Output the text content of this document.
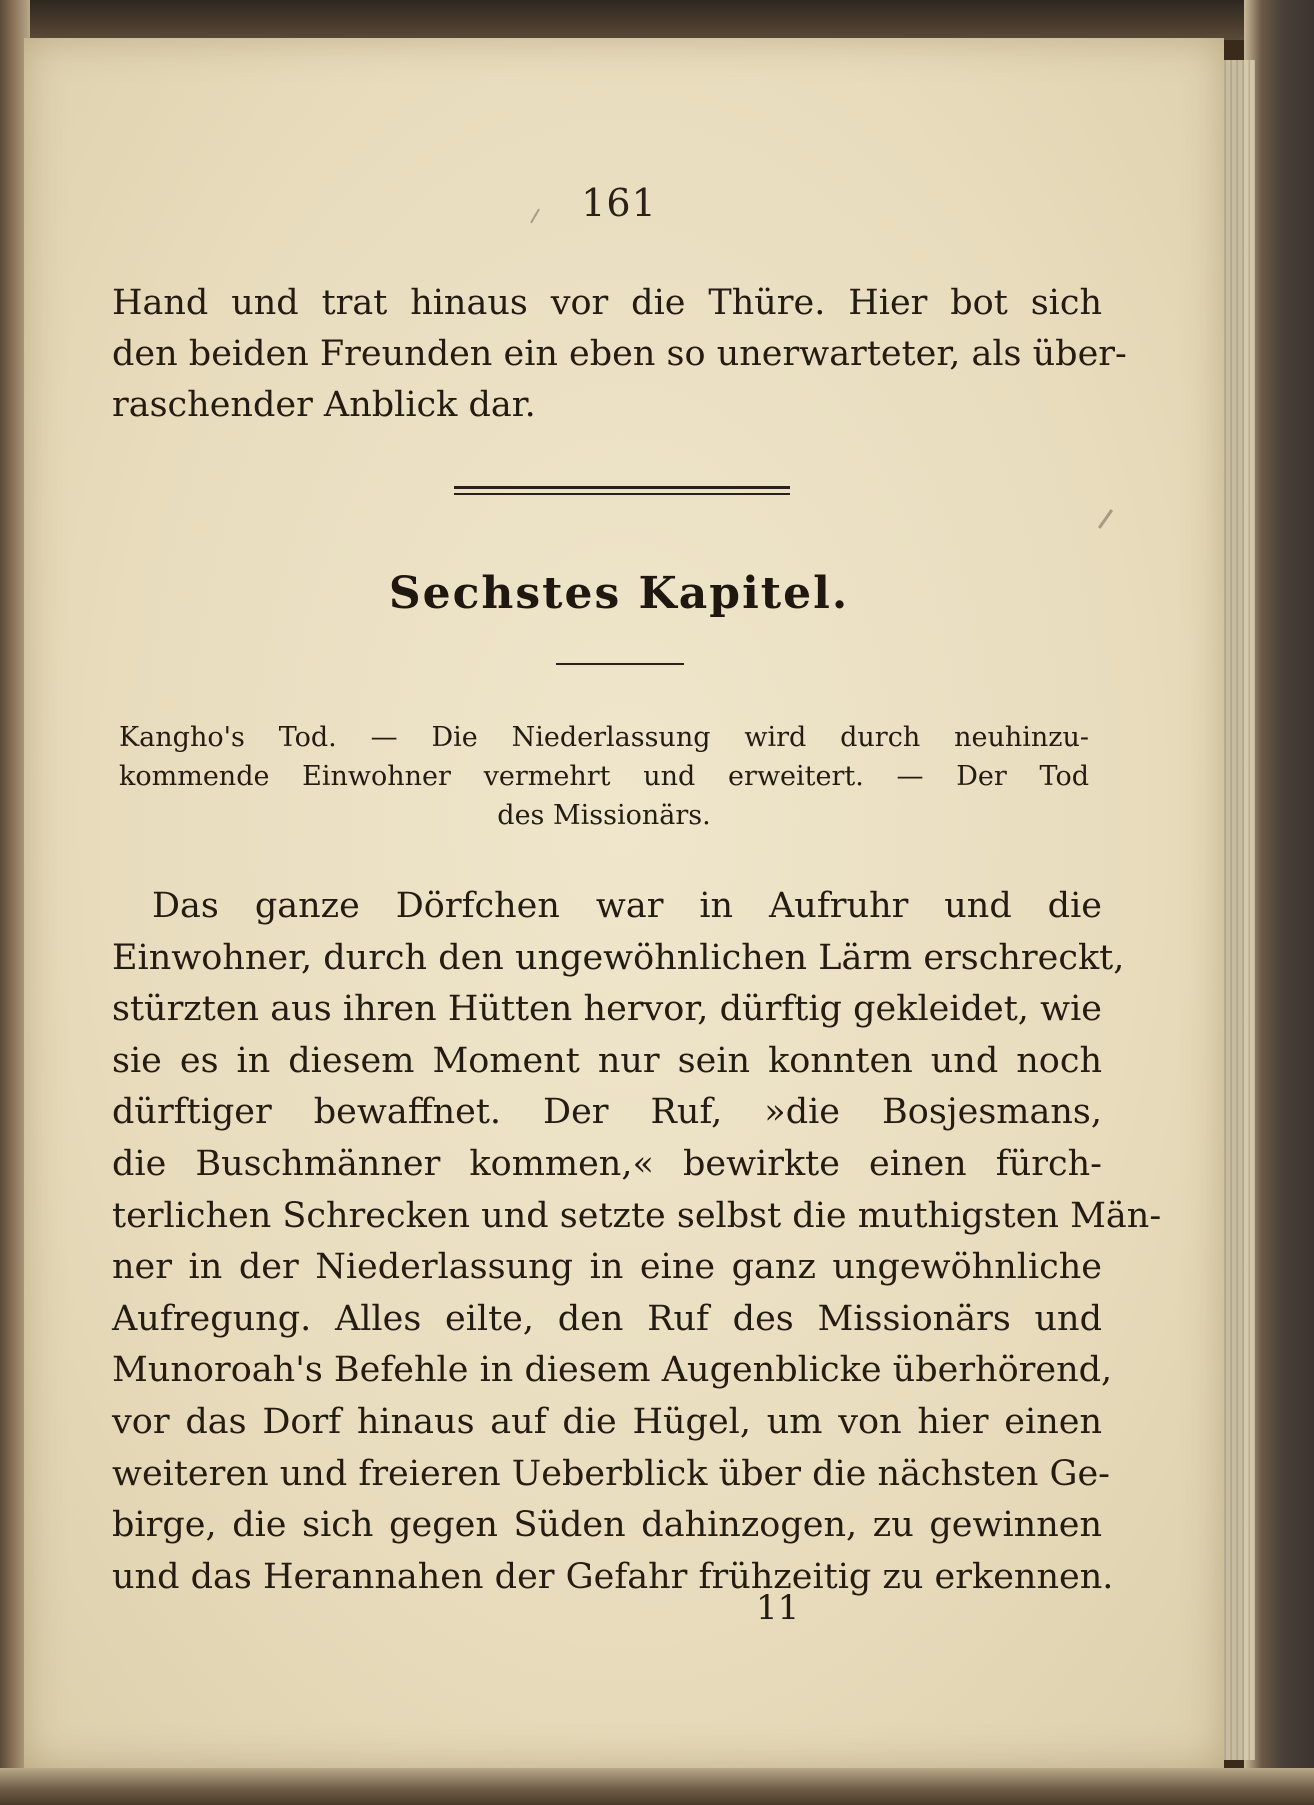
161
Hand und trat hinaus vor die Thüre. Hier bot sich
den beiden Freunden ein eben so unerwarteter, als über-
raschender Anblick dar.
Sechstes Kapitel.
Kangho's Tod. — Die Niederlassung wird durch neuhinzu-
kommende Einwohner vermehrt und erweitert. — Der Tod
des Missionärs.
Das ganze Dörfchen war in Aufruhr und die
Einwohner, durch den ungewöhnlichen Lärm erschreckt,
stürzten aus ihren Hütten hervor, dürftig gekleidet, wie
sie es in diesem Moment nur sein konnten und noch
dürftiger bewaffnet. Der Ruf, »die Bosjesmans,
die Buschmänner kommen,« bewirkte einen fürch-
terlichen Schrecken und setzte selbst die muthigsten Män-
ner in der Niederlassung in eine ganz ungewöhnliche
Aufregung. Alles eilte, den Ruf des Missionärs und
Munoroah's Befehle in diesem Augenblicke überhörend,
vor das Dorf hinaus auf die Hügel, um von hier einen
weiteren und freieren Ueberblick über die nächsten Ge-
birge, die sich gegen Süden dahinzogen, zu gewinnen
und das Herannahen der Gefahr frühzeitig zu erkennen.
11
